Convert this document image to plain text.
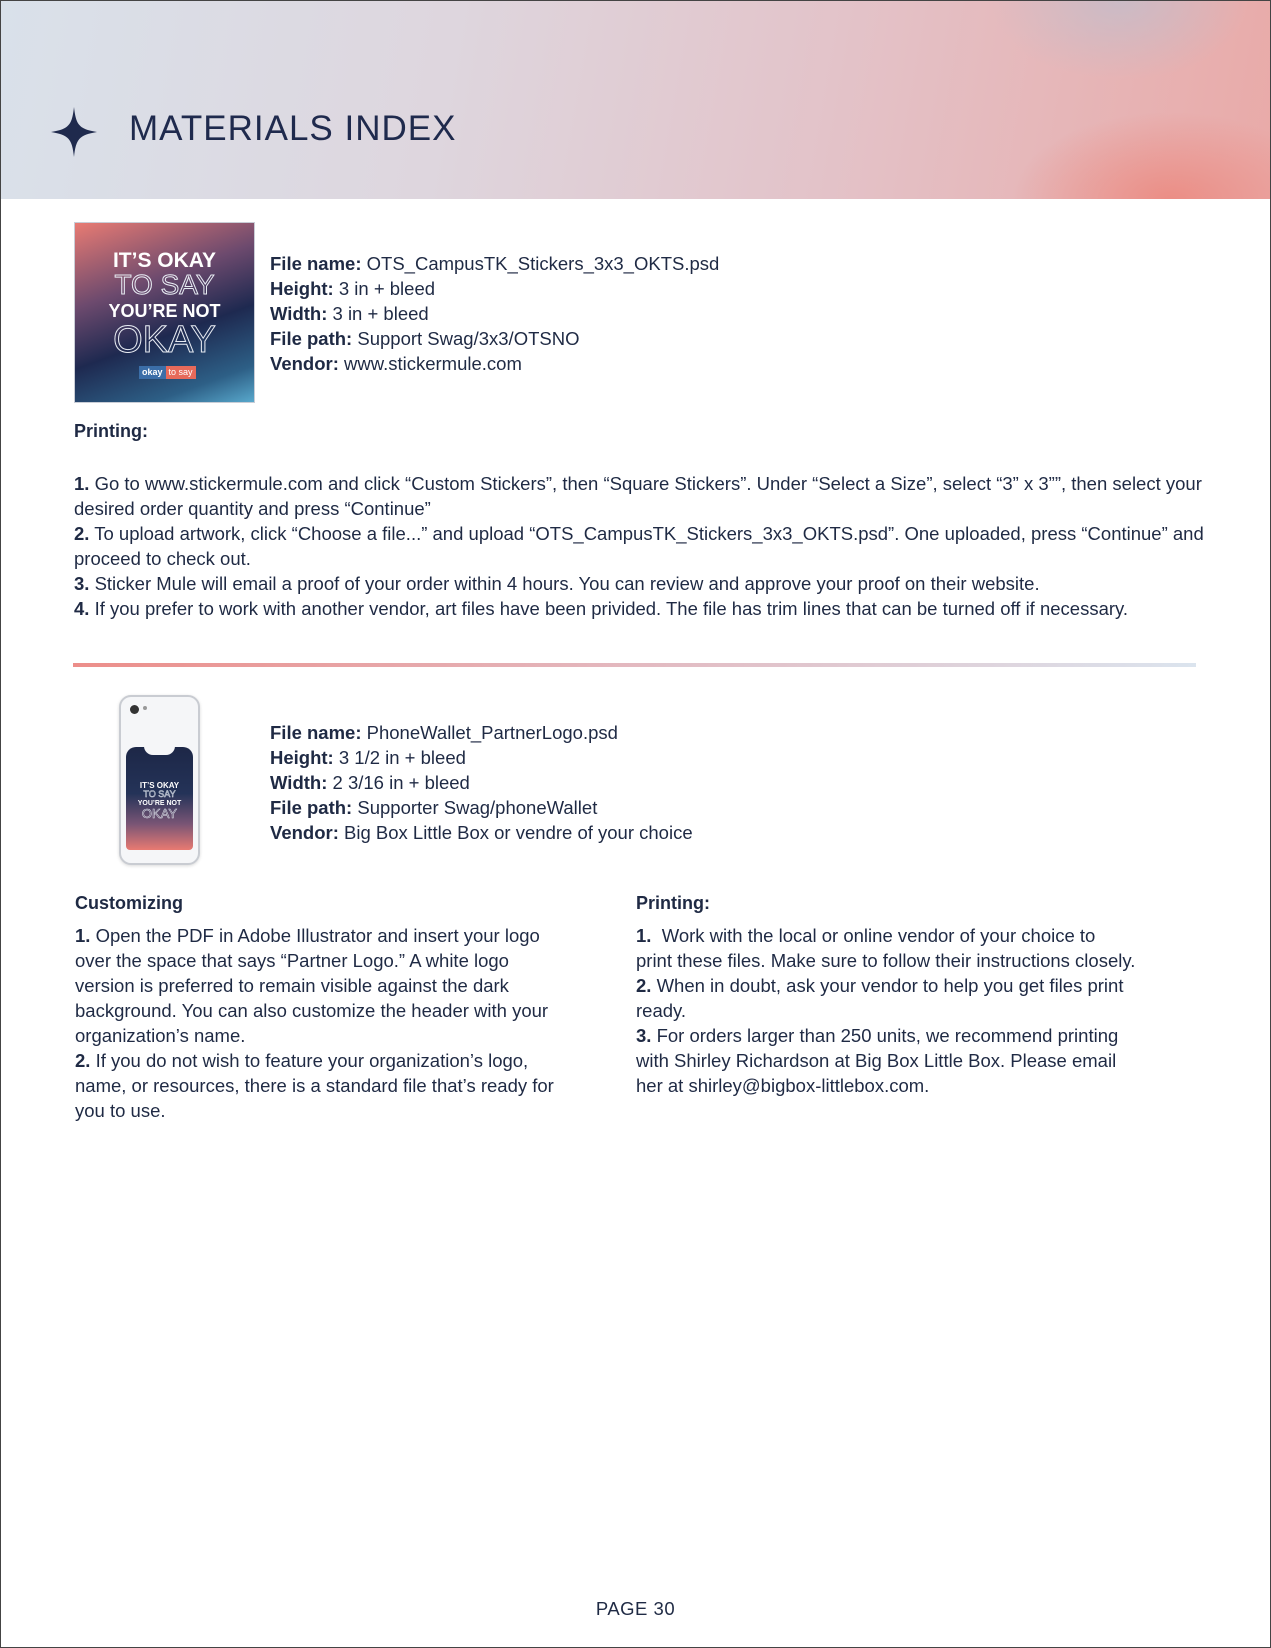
MATERIALS INDEX
IT’S OKAY
TO SAY
YOU’RE NOT
OKAY
okay to say

File name: OTS_CampusTK_Stickers_3x3_OKTS.psd

Height: 3 in + bleed

Width: 3 in + bleed

File path: Support Swag/3x3/OTSNO

Vendor: www.stickermule.com

Printing:

1. Go to www.stickermule.com and click “Custom Stickers”, then “Square Stickers”. Under “Select a Size”, select “3” x 3””, then select your desired order quantity and press “Continue”

2. To upload artwork, click “Choose a file...” and upload “OTS_CampusTK_Stickers_3x3_OKTS.psd”. One uploaded, press “Continue” and proceed to check out.

3. Sticker Mule will email a proof of your order within 4 hours. You can review and approve your proof on their website.

4. If you prefer to work with another vendor, art files have been privided. The file has trim lines that can be turned off if necessary.

IT’S OKAY
TO SAY
YOU’RE NOT
OKAY

File name: PhoneWallet_PartnerLogo.psd

Height: 3 1/2 in + bleed

Width: 2 3/16 in + bleed

File path: Supporter Swag/phoneWallet

Vendor: Big Box Little Box or vendre of your choice

Customizing

1. Open the PDF in Adobe Illustrator and insert your logo over the space that says “Partner Logo.” A white logo version is preferred to remain visible against the dark background. You can also customize the header with your organization’s name.

2. If you do not wish to feature your organization’s logo, name, or resources, there is a standard file that’s ready for you to use.

Printing:

1.  Work with the local or online vendor of your choice to print these files. Make sure to follow their instructions closely.

2. When in doubt, ask your vendor to help you get files print ready.

3. For orders larger than 250 units, we recommend printing with Shirley Richardson at Big Box Little Box. Please email her at shirley@bigbox-littlebox.com.

PAGE 30
